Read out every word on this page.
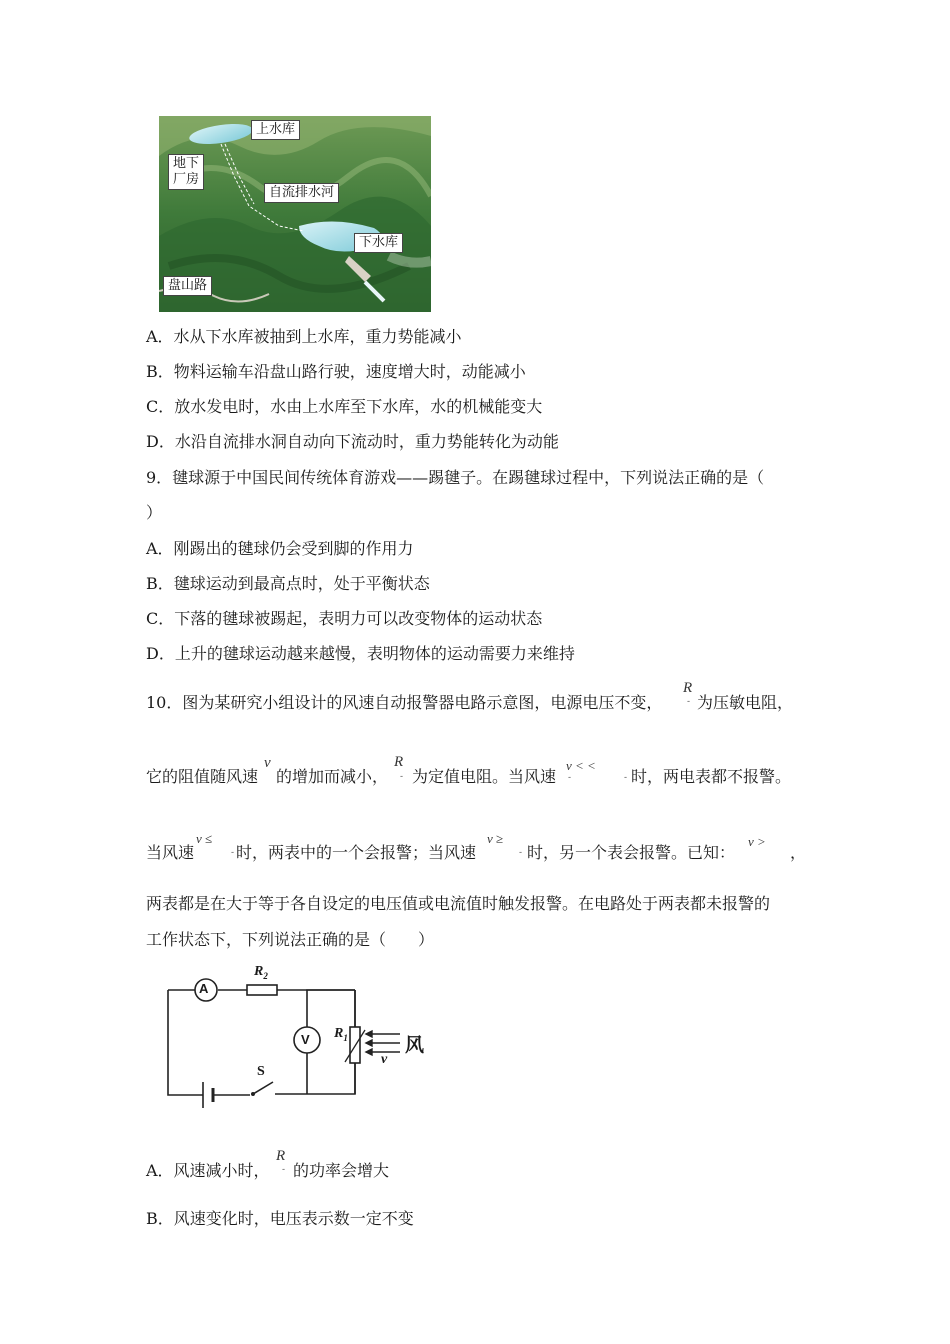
上水库
地下
厂房
自流排水河
下水库
盘山路
A．水从下水库被抽到上水库，重力势能减小
B．物料运输车沿盘山路行驶，速度增大时，动能减小
C．放水发电时，水由上水库至下水库，水的机械能变大
D．水沿自流排水洞自动向下流动时，重力势能转化为动能
9．毽球源于中国民间传统体育游戏——踢毽子。在踢毽球过程中，下列说法正确的是（
）
A．刚踢出的毽球仍会受到脚的作用力
B．毽球运动到最高点时，处于平衡状态
C．下落的毽球被踢起，表明力可以改变物体的运动状态
D．上升的毽球运动越来越慢，表明物体的运动需要力来维持
10．图为某研究小组设计的风速自动报警器电路示意图，电源电压不变，
R
- 为压敏电阻，
它的阻值随风速
v
的增加而减小，
R
- 为定值电阻。当风速
v < <
-	- 时，两电表都不报警。
当风速
v ≤
- 时，两表中的一个会报警；当风速
v ≥
- 时，另一个表会报警。已知：
v >
，
两表都是在大于等于各自设定的电压值或电流值时触发报警。在电路处于两表都未报警的
工作状态下，下列说法正确的是（　　）
A
$R_2$
V $R_1$
S
风
v
A．风速减小时，
R
- 的功率会增大
B．风速变化时，电压表示数一定不变
